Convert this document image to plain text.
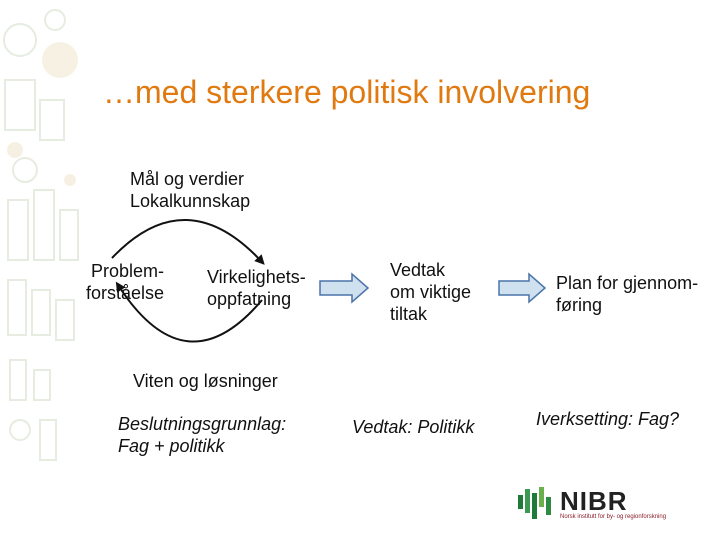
…med sterkere politisk involvering
Mål og verdier
Lokalkunnskap
Problem-
forståelse
Virkelighets-
oppfatning
Viten og løsninger
Vedtak
om viktige
tiltak
Plan for gjennom-
føring
Beslutningsgrunnlag:
Fag + politikk
Vedtak: Politikk	Iverksetting: Fag?
NIBR
Norsk institutt for by- og regionforskning
